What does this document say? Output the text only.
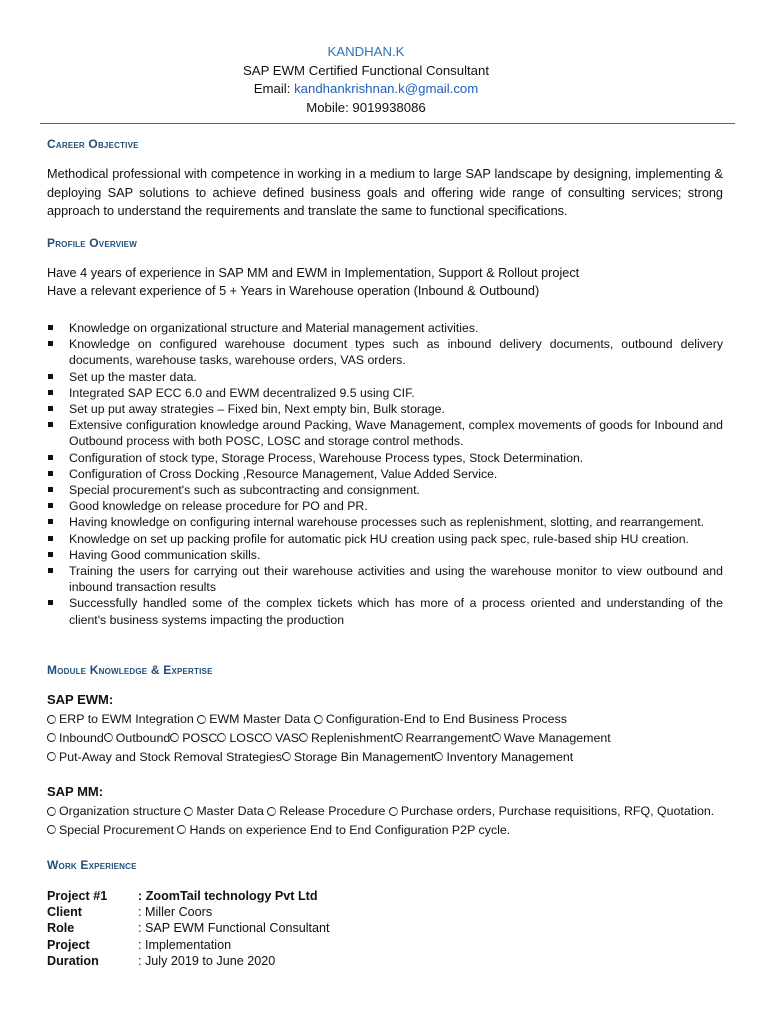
KANDHAN.K
SAP EWM Certified Functional Consultant
Email: kandhankrishnan.k@gmail.com
Mobile: 9019938086
Career Objective
Methodical professional with competence in working in a medium to large SAP landscape by designing, implementing & deploying SAP solutions to achieve defined business goals and offering wide range of consulting services; strong approach to understand the requirements and translate the same to functional specifications.
Profile Overview
Have 4 years of experience in SAP MM and EWM in Implementation, Support & Rollout project
Have a relevant experience of 5 + Years in Warehouse operation (Inbound & Outbound)
Knowledge on organizational structure and Material management activities.
Knowledge on configured warehouse document types such as inbound delivery documents, outbound delivery documents, warehouse tasks, warehouse orders, VAS orders.
Set up the master data.
Integrated SAP ECC 6.0 and EWM decentralized 9.5 using CIF.
Set up put away strategies – Fixed bin, Next empty bin, Bulk storage.
Extensive configuration knowledge around Packing, Wave Management, complex movements of goods for Inbound and Outbound process with both POSC, LOSC and storage control methods.
Configuration of stock type, Storage Process, Warehouse Process types, Stock Determination.
Configuration of Cross Docking ,Resource Management, Value Added Service.
Special procurement's such as subcontracting and consignment.
Good knowledge on release procedure for PO and PR.
Having knowledge on configuring internal warehouse processes such as replenishment, slotting, and rearrangement.
Knowledge on set up packing profile for automatic pick HU creation using pack spec, rule-based ship HU creation.
Having Good communication skills.
Training the users for carrying out their warehouse activities and using the warehouse monitor to view outbound and inbound transaction results
Successfully handled some of the complex tickets which has more of a process oriented and understanding of the client's business systems impacting the production
Module Knowledge & Expertise
SAP EWM:
ERP to EWM Integration EWM Master Data Configuration-End to End Business Process
Inbound Outbound POSC LOSC VAS Replenishment Rearrangement Wave Management
Put-Away and Stock Removal Strategies Storage Bin Management Inventory Management
SAP MM:
Organization structure Master Data Release Procedure Purchase orders, Purchase requisitions, RFQ, Quotation.
Special Procurement Hands on experience End to End Configuration P2P cycle.
Work Experience
Project #1	: ZoomTail technology Pvt Ltd
Client	: Miller Coors
Role	: SAP EWM Functional Consultant
Project	: Implementation
Duration	: July 2019 to June 2020
